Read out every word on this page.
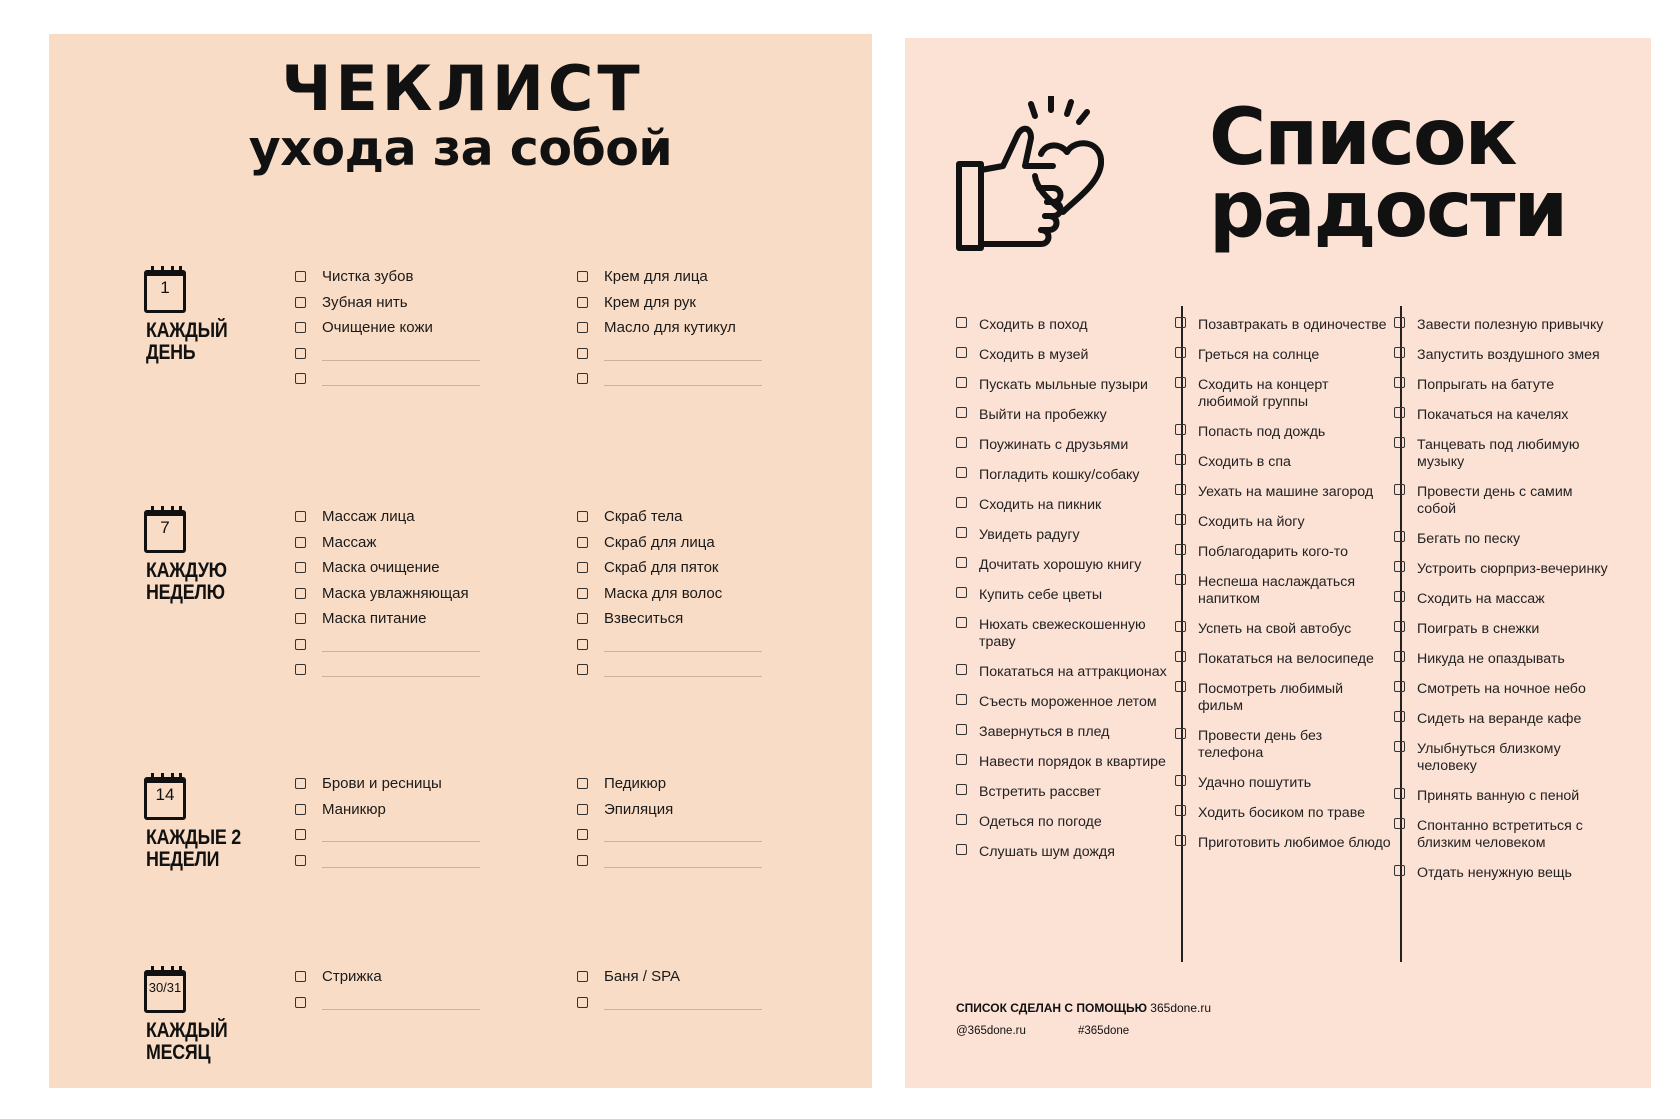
ЧЕКЛИСТ
ухода за собой
1
КАЖДЫЙ ДЕНЬ
Чистка зубов
Зубная нить
Очищение кожи
Крем для лица
Крем для рук
Масло для кутикул
7
КАЖДУЮ НЕДЕЛЮ
Массаж лица
Массаж
Маска очищение
Маска увлажняющая
Маска питание
Скраб тела
Скраб для лица
Скраб для пяток
Маска для волос
Взвеситься
14
КАЖДЫЕ 2 НЕДЕЛИ
Брови и ресницы
Маникюр
Педикюр
Эпиляция
30/31
КАЖДЫЙ МЕСЯЦ
Стрижка	Баня / SPA
Список
радости
Сходить в поход
Сходить в музей
Пускать мыльные пузыри
Выйти на пробежку
Поужинать с друзьями
Погладить кошку/собаку
Сходить на пикник
Увидеть радугу
Дочитать хорошую книгу
Купить себе цветы
Нюхать свежескошенную траву
Покататься на аттракционах
Съесть мороженное летом
Завернуться в плед
Навести порядок в квартире
Встретить рассвет
Одеться по погоде
Слушать шум дождя
Позавтракать в одиночестве
Греться на солнце
Сходить на концерт любимой группы
Попасть под дождь
Сходить в спа
Уехать на машине загород
Сходить на йогу
Поблагодарить кого-то
Неспеша наслаждаться напитком
Успеть на свой автобус
Покататься на велосипеде
Посмотреть любимый фильм
Провести день без телефона
Удачно пошутить
Ходить босиком по траве
Приготовить любимое блюдо
Завести полезную привычку
Запустить воздушного змея
Попрыгать на батуте
Покачаться на качелях
Танцевать под любимую музыку
Провести день с самим собой
Бегать по песку
Устроить сюрприз-вечеринку
Сходить на массаж
Поиграть в снежки
Никуда не опаздывать
Смотреть на ночное небо
Сидеть на веранде кафе
Улыбнуться близкому человеку
Принять ванную с пеной
Спонтанно встретиться с близким человеком
Отдать ненужную вещь
СПИСОК СДЕЛАН С ПОМОЩЬЮ 365done.ru
@365done.ru	#365done
